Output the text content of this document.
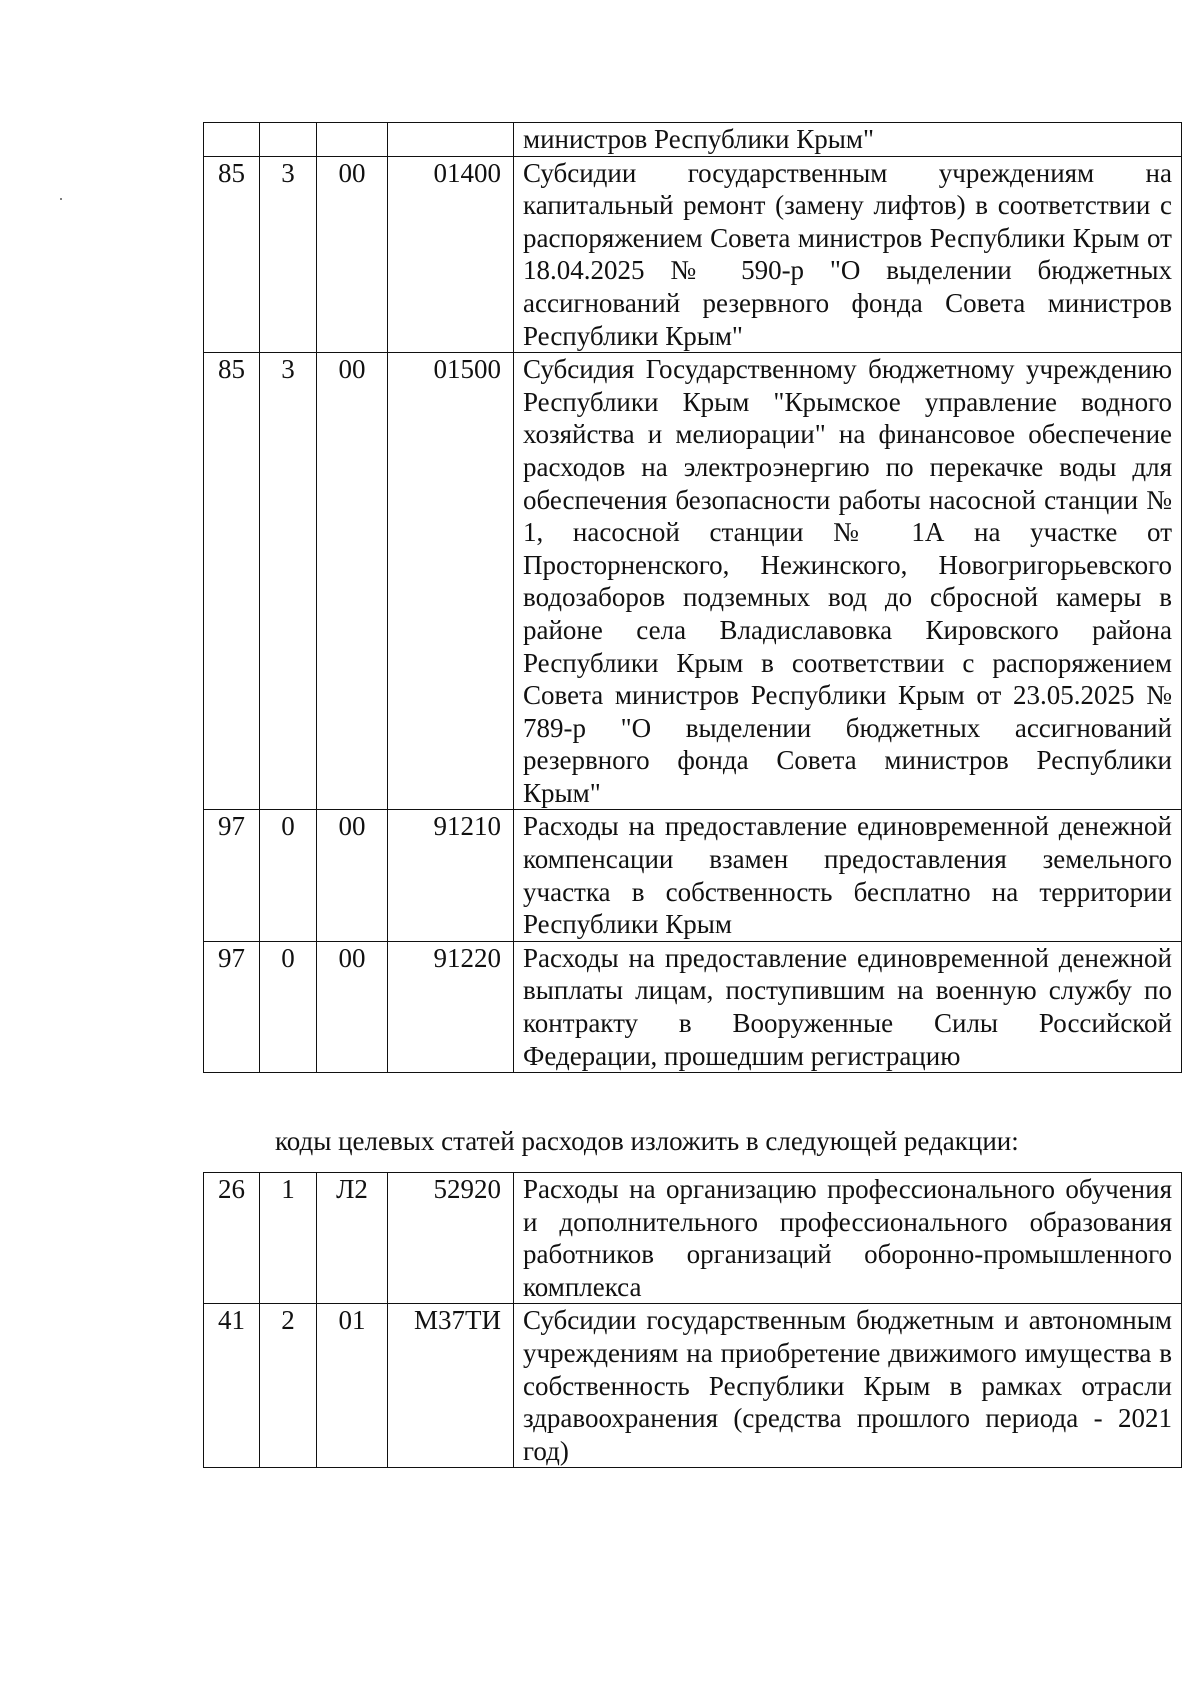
				министров Республики Крым"
85	3	00	01400	Субсидии государственным учреждениям на капитальный ремонт (замену лифтов) в соответствии с распоряжением Совета министров Республики Крым от 18.04.2025 № 590-р "О выделении бюджетных ассигнований резервного фонда Совета министров Республики Крым"
85	3	00	01500	Субсидия Государственному бюджетному учреждению Республики Крым "Крымское управление водного хозяйства и мелиорации" на финансовое обеспечение расходов на электроэнергию по перекачке воды для обеспечения безопасности работы насосной станции № 1, насосной станции № 1А на участке от Просторненского, Нежинского, Новогригорьевского водозаборов подземных вод до сбросной камеры в районе села Владиславовка Кировского района Республики Крым в соответствии с распоряжением Совета министров Республики Крым от 23.05.2025 № 789-р "О выделении бюджетных ассигнований резервного фонда Совета министров Республики Крым"
97	0	00	91210	Расходы на предоставление единовременной денежной компенсации взамен предоставления земельного участка в собственность бесплатно на территории Республики Крым
97	0	00	91220	Расходы на предоставление единовременной денежной выплаты лицам, поступившим на военную службу по контракту в Вооруженные Силы Российской Федерации, прошедшим регистрацию
коды целевых статей расходов изложить в следующей редакции:
26	1	Л2	52920	Расходы на организацию профессионального обучения и дополнительного профессионального образования работников организаций оборонно-промышленного комплекса
41	2	01	М37ТИ	Субсидии государственным бюджетным и автономным учреждениям на приобретение движимого имущества в собственность Республики Крым в рамках отрасли здравоохранения (средства прошлого периода - 2021 год)
